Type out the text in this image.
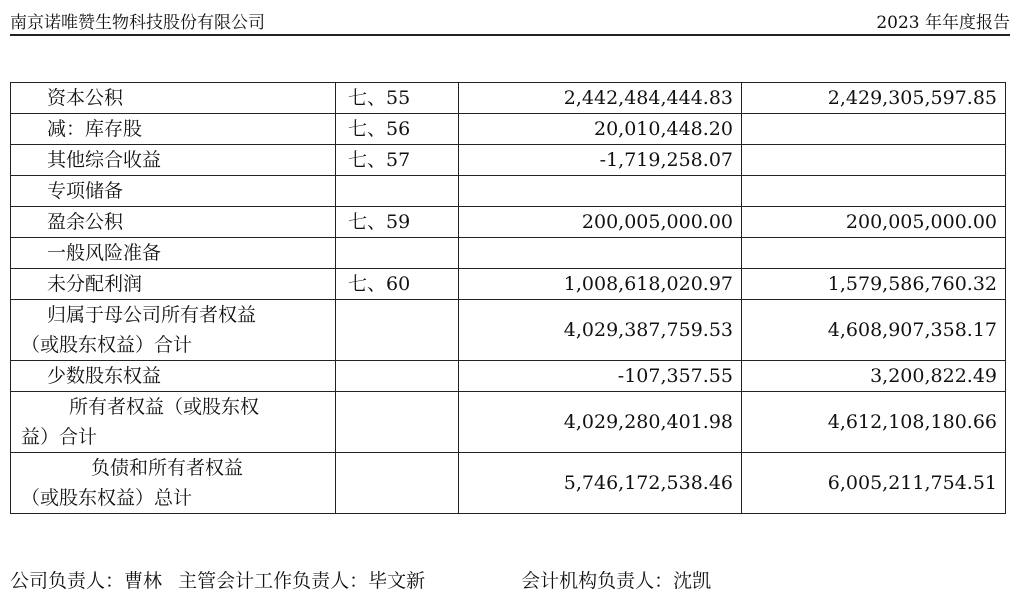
南京诺唯赞生物科技股份有限公司	2023 年年度报告
资本公积	七、55	2,442,484,444.83	2,429,305,597.85
减：库存股	七、56	20,010,448.20	
其他综合收益	七、57	-1,719,258.07	
专项储备			
盈余公积	七、59	200,005,000.00	200,005,000.00
一般风险准备			
未分配利润	七、60	1,008,618,020.97	1,579,586,760.32

归属于母公司所有者权益
（或股东权益）合计		4,029,387,759.53	4,608,907,358.17
少数股东权益		-107,357.55	3,200,822.49

所有者权益（或股东权
益）合计		4,029,280,401.98	4,612,108,180.66

负债和所有者权益
（或股东权益）总计		5,746,172,538.46	6,005,211,754.51
公司负责人：曹林 主管会计工作负责人：毕文新	会计机构负责人：沈凯
